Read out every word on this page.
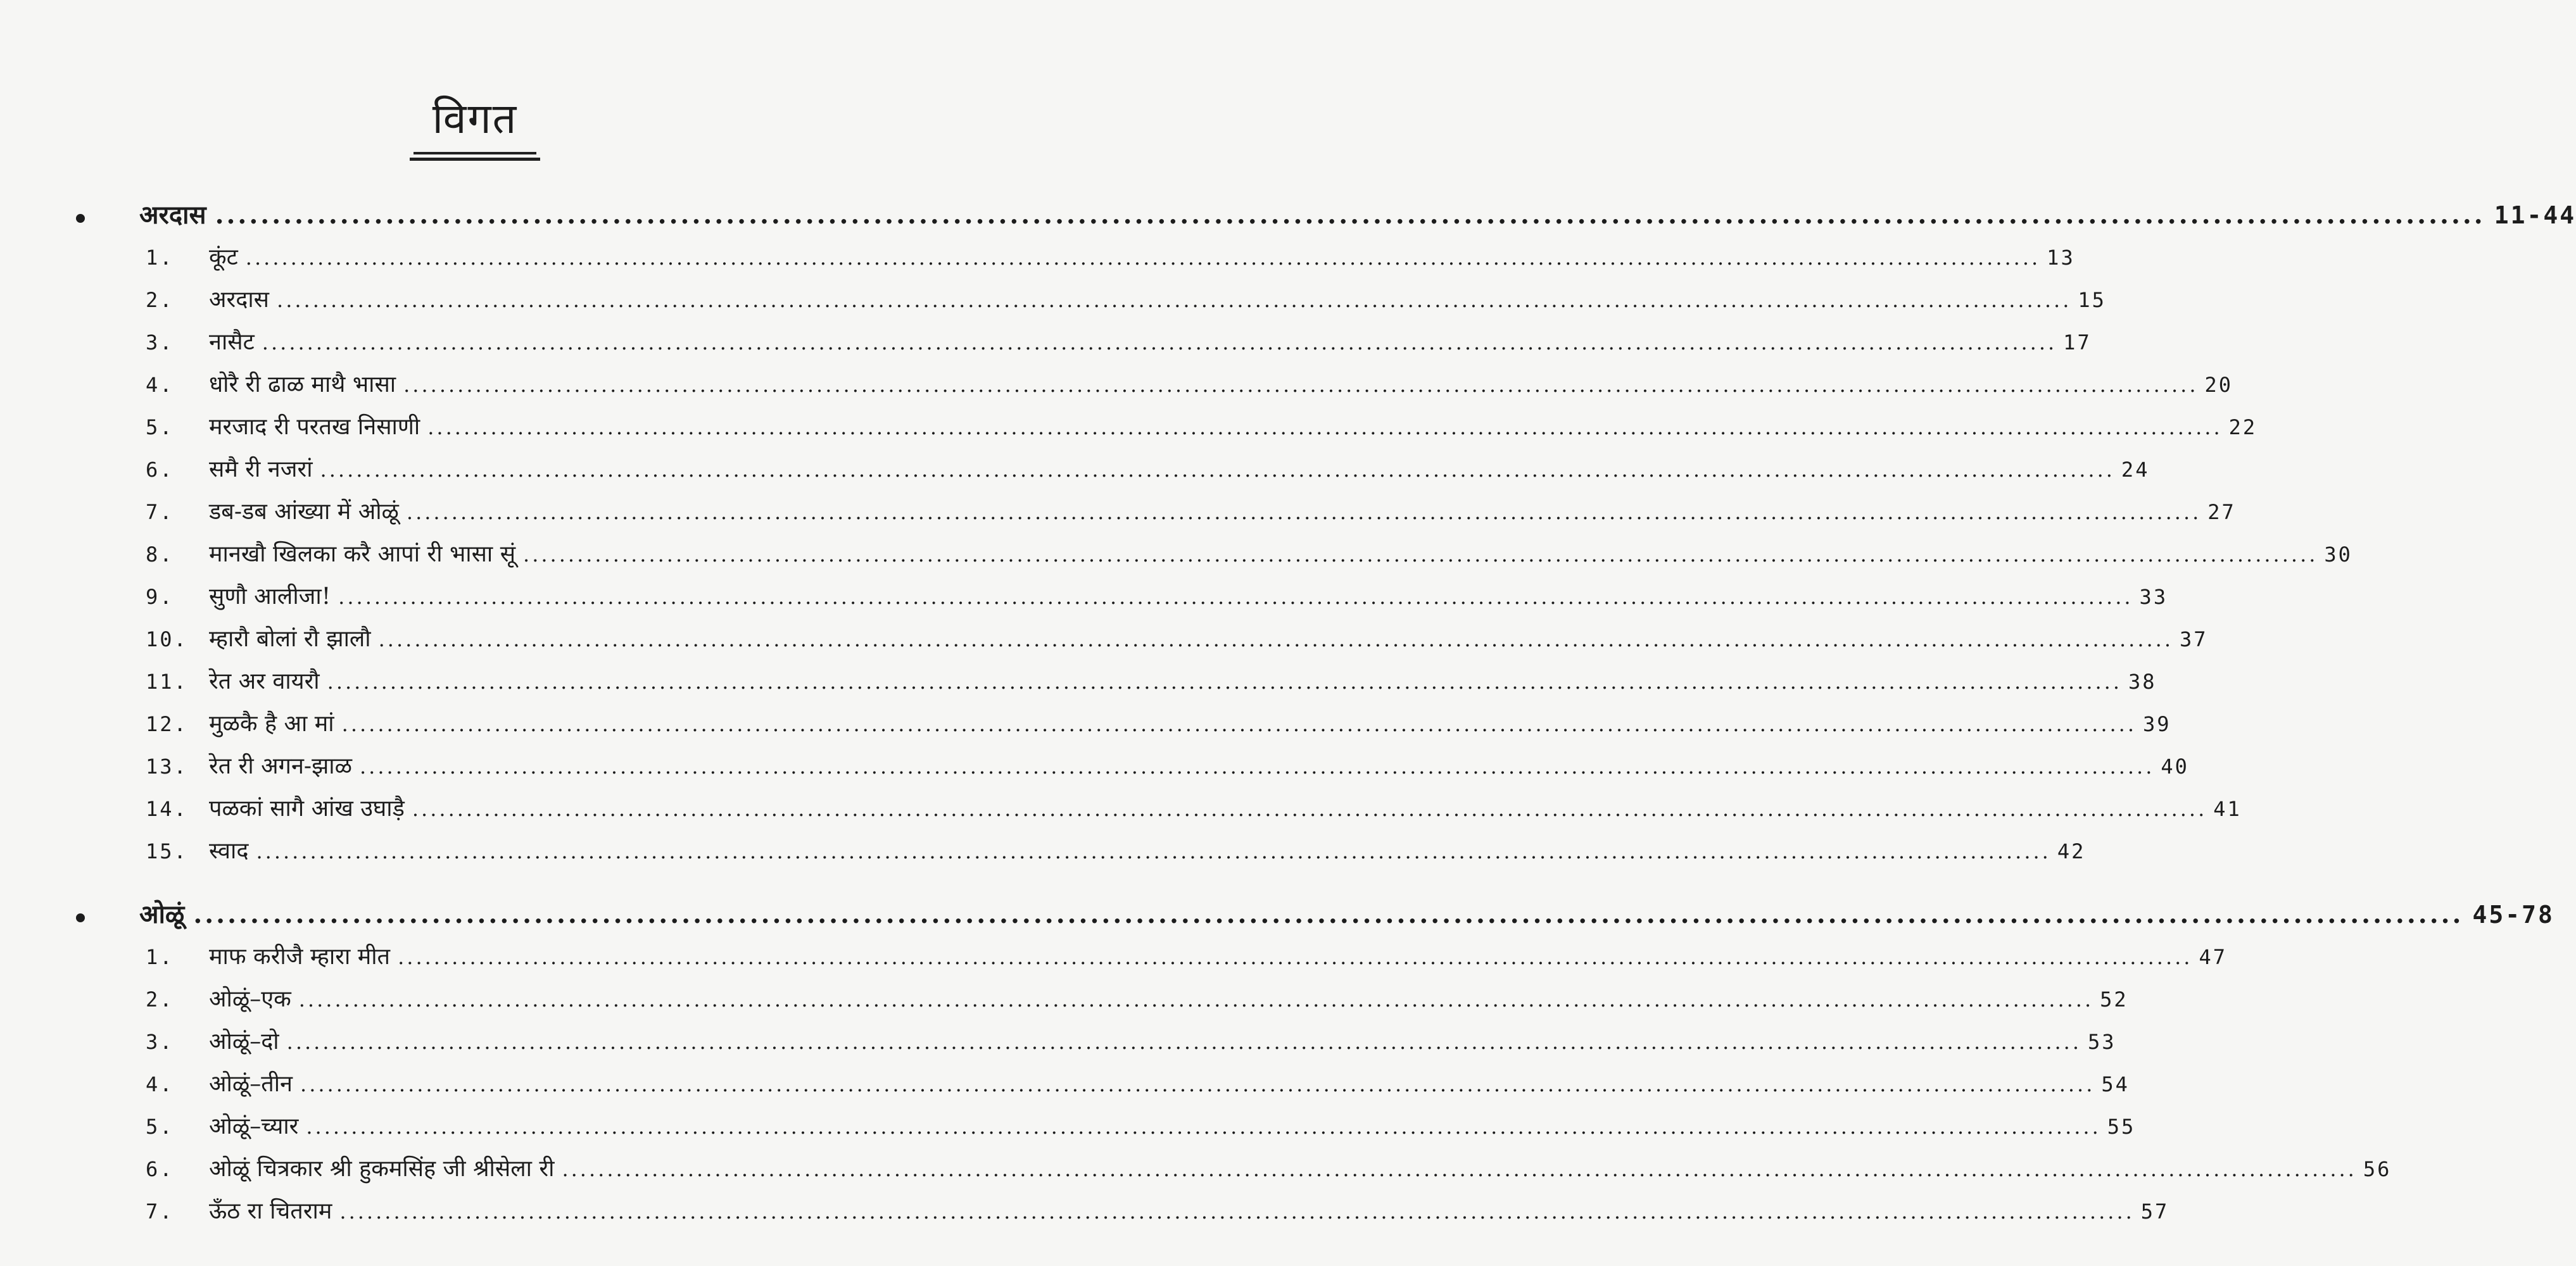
विगत
अरदास ........................................................................................................................................................................................................ 11-44
1.	कूंट ........................................................................................................................................................................................................ 13
2.	अरदास ........................................................................................................................................................................................................ 15
3.	नासैट ........................................................................................................................................................................................................ 17
4.	धोरै री ढाळ माथै भासा ........................................................................................................................................................................................................ 20
5.	मरजाद री परतख निसाणी ........................................................................................................................................................................................................ 22
6.	समै री नजरां ........................................................................................................................................................................................................ 24
7.	डब-डब आंख्या में ओळूं ........................................................................................................................................................................................................ 27
8.	मानखौ खिलका करै आपां री भासा सूं ........................................................................................................................................................................................................ 30
9.	सुणौ आलीजा! ........................................................................................................................................................................................................ 33
10. म्हारौ बोलां रौ झालौ ........................................................................................................................................................................................................ 37
11. रेत अर वायरौ ........................................................................................................................................................................................................ 38
12. मुळकै है आ मां ........................................................................................................................................................................................................ 39
13. रेत री अगन-झाळ ........................................................................................................................................................................................................ 40
14. पळकां सागै आंख उघाड़ै ........................................................................................................................................................................................................ 41
15. स्वाद ........................................................................................................................................................................................................ 42
ओळूं ........................................................................................................................................................................................................ 45-78
1.	माफ करीजै म्हारा मीत ........................................................................................................................................................................................................ 47
2.	ओळूं–एक ........................................................................................................................................................................................................ 52
3.	ओळूं–दो ........................................................................................................................................................................................................ 53
4.	ओळूं–तीन ........................................................................................................................................................................................................ 54
5.	ओळूं–च्यार ........................................................................................................................................................................................................ 55
6.	ओळूं चित्रकार श्री हुकमसिंह जी श्रीसेला री ........................................................................................................................................................................................................ 56
7.	ऊँठ रा चितराम ........................................................................................................................................................................................................ 57
